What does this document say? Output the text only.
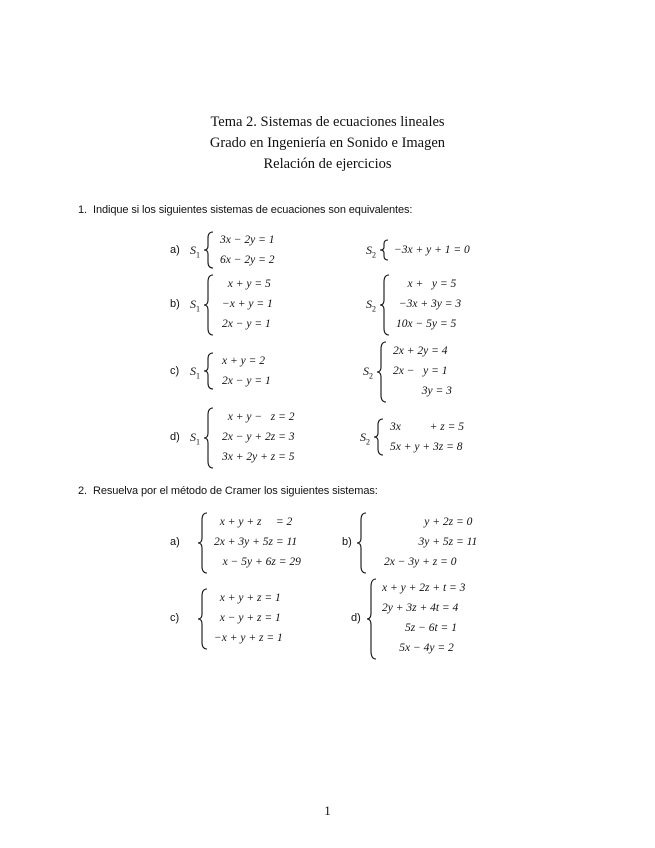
Tema 2. Sistemas de ecuaciones lineales
Grado en Ingeniería en Sonido e Imagen
Relación de ejercicios
1. Indique si los siguientes sistemas de ecuaciones son equivalentes:
a) $S_1$
3x − 2y = 1
6x − 2y = 2
$S_2 -3x + y + 1 = 0$
b) $S_1$
x + y = 5
−x + y = 1
2x − y = 1
$S_2$
x +   y = 5
−3x + 3y = 3
10x − 5y = 5
c) $S_1$
x + y = 2
2x − y = 1
$S_2$
2x + 2y = 4
2x −   y = 1
3y = 3
d) $S_1$
x + y −   z = 2
2x − y + 2z = 3
3x + 2y + z = 5
$S_2$
3x          + z = 5
5x + y + 3z = 8
2. Resuelva por el método de Cramer los siguientes sistemas:
a)
x + y + z     = 2
2x + 3y + 5z = 11
x − 5y + 6z = 29
b)
y + 2z = 0
3y + 5z = 11
2x − 3y + z = 0
c)
x + y + z = 1
x − y + z = 1
−x + y + z = 1
d)
x + y + 2z + t = 3
2y + 3z + 4t = 4
5z − 6t = 1
5x − 4y = 2
1
